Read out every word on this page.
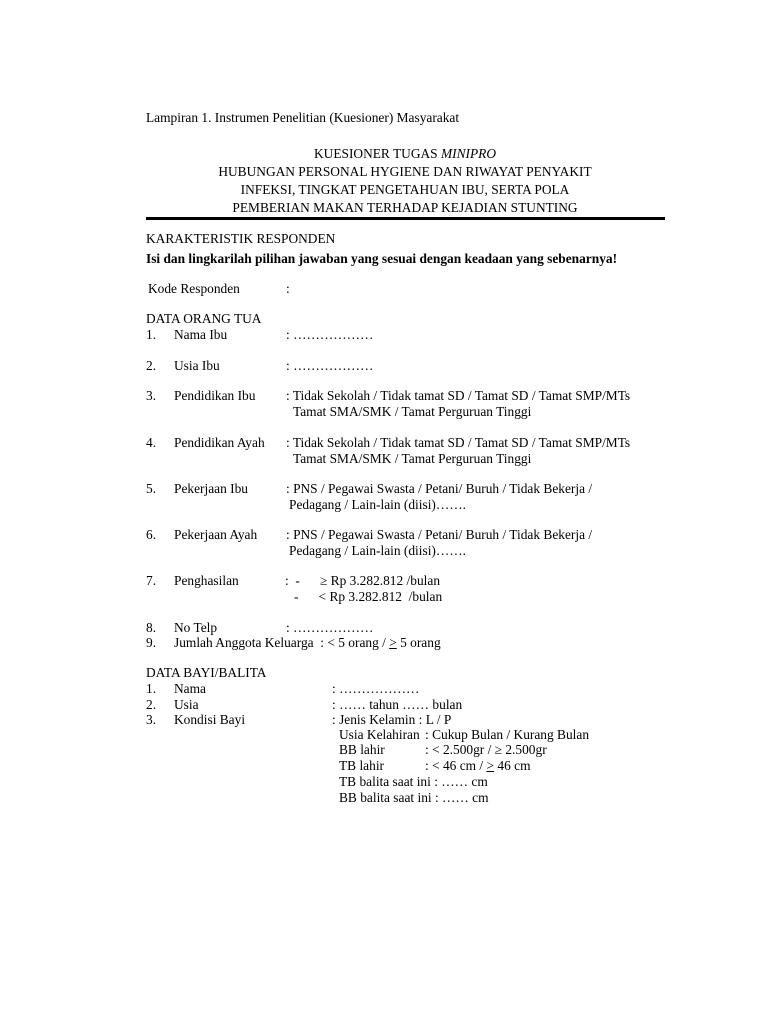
Lampiran 1. Instrumen Penelitian (Kuesioner) Masyarakat
KUESIONER TUGAS MINIPRO
HUBUNGAN PERSONAL HYGIENE DAN RIWAYAT PENYAKIT
INFEKSI, TINGKAT PENGETAHUAN IBU, SERTA POLA
PEMBERIAN MAKAN TERHADAP KEJADIAN STUNTING
KARAKTERISTIK RESPONDEN
Isi dan lingkarilah pilihan jawaban yang sesuai dengan keadaan yang sebenarnya!
Kode Responden	:
DATA ORANG TUA
1. Nama Ibu	: ………………
2. Usia Ibu	: ………………
3. Pendidikan Ibu : Tidak Sekolah / Tidak tamat SD / Tamat SD / Tamat SMP/MTs
Tamat SMA/SMK / Tamat Perguruan Tinggi
4. Pendidikan Ayah : Tidak Sekolah / Tidak tamat SD / Tamat SD / Tamat SMP/MTs
Tamat SMA/SMK / Tamat Perguruan Tinggi
5. Pekerjaan Ibu	: PNS / Pegawai Swasta / Petani/ Buruh / Tidak Bekerja /
Pedagang / Lain-lain (diisi)…….
6. Pekerjaan Ayah : PNS / Pegawai Swasta / Petani/ Buruh / Tidak Bekerja /
Pedagang / Lain-lain (diisi)…….
7. Penghasilan	:  -      ≥ Rp 3.282.812 /bulan
-      < Rp 3.282.812  /bulan
8. No Telp	: ………………
9. Jumlah Anggota Keluarga  : < 5 orang / > 5 orang
DATA BAYI/BALITA
1. Nama	: ………………
2. Usia	: …… tahun …… bulan
3. Kondisi Bayi	: Jenis Kelamin : L / P
Usia Kelahiran : Cukup Bulan / Kurang Bulan
BB lahir	: < 2.500gr / ≥ 2.500gr
TB lahir	: < 46 cm / > 46 cm
TB balita saat ini : …… cm
BB balita saat ini : …… cm
